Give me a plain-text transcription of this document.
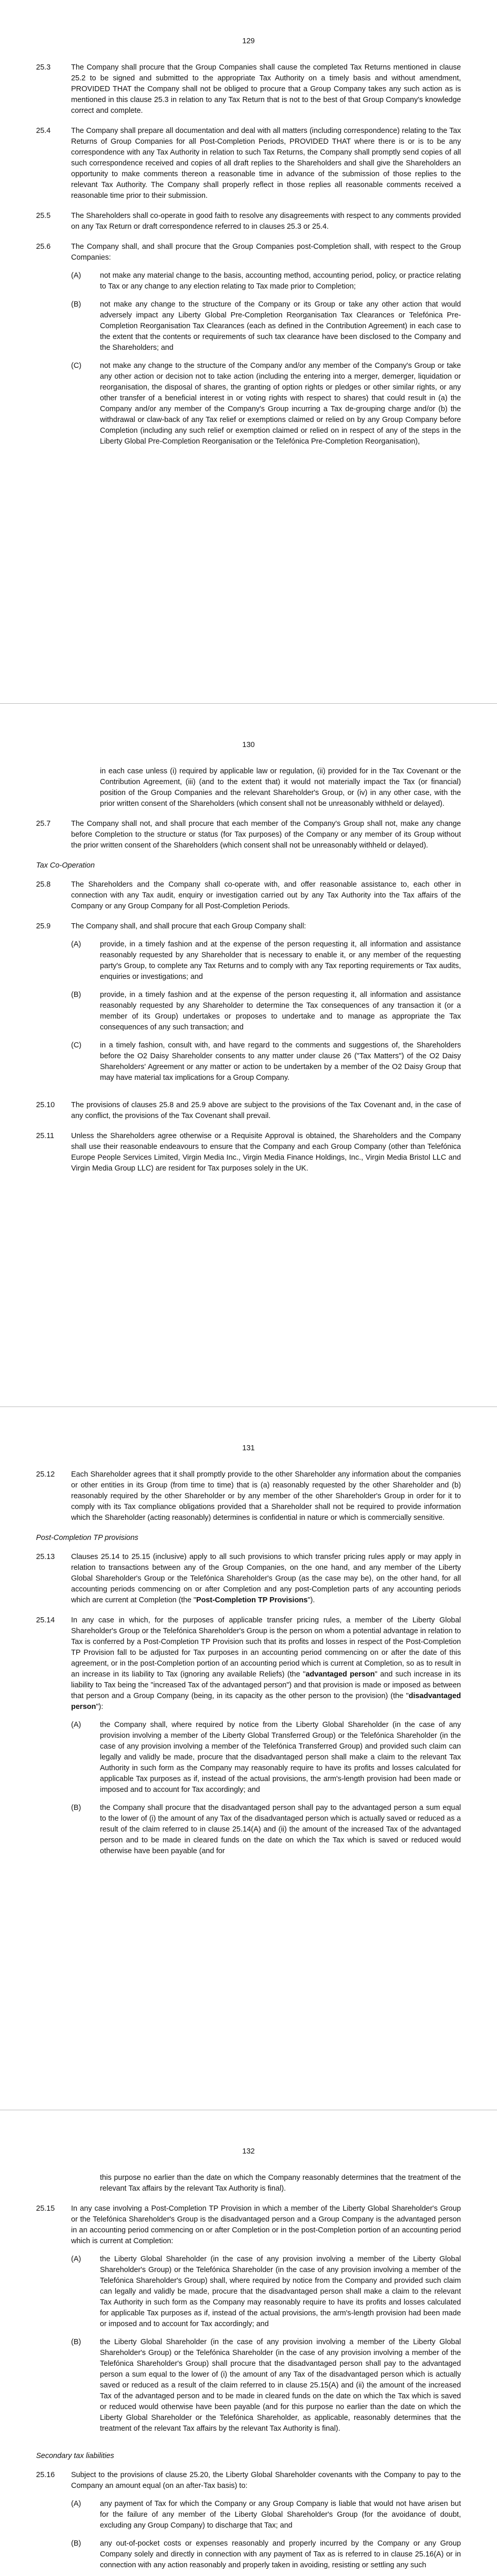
129
25.3	The Company shall procure that the Group Companies shall cause the completed Tax Returns mentioned in clause 25.2 to be signed and submitted to the appropriate Tax Authority on a timely basis and without amendment, PROVIDED THAT the Company shall not be obliged to procure that a Group Company takes any such action as is mentioned in this clause 25.3 in relation to any Tax Return that is not to the best of that Group Company's knowledge correct and complete.
25.4	The Company shall prepare all documentation and deal with all matters (including correspondence) relating to the Tax Returns of Group Companies for all Post-Completion Periods, PROVIDED THAT where there is or is to be any correspondence with any Tax Authority in relation to such Tax Returns, the Company shall promptly send copies of all such correspondence received and copies of all draft replies to the Shareholders and shall give the Shareholders an opportunity to make comments thereon a reasonable time in advance of the submission of those replies to the relevant Tax Authority. The Company shall properly reflect in those replies all reasonable comments received a reasonable time prior to their submission.
25.5	The Shareholders shall co-operate in good faith to resolve any disagreements with respect to any comments provided on any Tax Return or draft correspondence referred to in clauses 25.3 or 25.4.
25.6	The Company shall, and shall procure that the Group Companies post-Completion shall, with respect to the Group Companies:
(A)	not make any material change to the basis, accounting method, accounting period, policy, or practice relating to Tax or any change to any election relating to Tax made prior to Completion;
(B)	not make any change to the structure of the Company or its Group or take any other action that would adversely impact any Liberty Global Pre-Completion Reorganisation Tax Clearances or Telefónica Pre-Completion Reorganisation Tax Clearances (each as defined in the Contribution Agreement) in each case to the extent that the contents or requirements of such tax clearance have been disclosed to the Company and the Shareholders; and
(C)	not make any change to the structure of the Company and/or any member of the Company's Group or take any other action or decision not to take action (including the entering into a merger, demerger, liquidation or reorganisation, the disposal of shares, the granting of option rights or pledges or other similar rights, or any other transfer of a beneficial interest in or voting rights with respect to shares) that could result in (a) the Company and/or any member of the Company's Group incurring a Tax de-grouping charge and/or (b) the withdrawal or claw-back of any Tax relief or exemptions claimed or relied on by any Group Company before Completion (including any such relief or exemption claimed or relied on in respect of any of the steps in the Liberty Global Pre-Completion Reorganisation or the Telefónica Pre-Completion Reorganisation),
130
in each case unless (i) required by applicable law or regulation, (ii) provided for in the Tax Covenant or the Contribution Agreement, (iii) (and to the extent that) it would not materially impact the Tax (or financial) position of the Group Companies and the relevant Shareholder's Group, or (iv) in any other case, with the prior written consent of the Shareholders (which consent shall not be unreasonably withheld or delayed).
25.7	The Company shall not, and shall procure that each member of the Company's Group shall not, make any change before Completion to the structure or status (for Tax purposes) of the Company or any member of its Group without the prior written consent of the Shareholders (which consent shall not be unreasonably withheld or delayed).
Tax Co-Operation
25.8	The Shareholders and the Company shall co-operate with, and offer reasonable assistance to, each other in connection with any Tax audit, enquiry or investigation carried out by any Tax Authority into the Tax affairs of the Company or any Group Company for all Post-Completion Periods.
25.9	The Company shall, and shall procure that each Group Company shall:
(A)	provide, in a timely fashion and at the expense of the person requesting it, all information and assistance reasonably requested by any Shareholder that is necessary to enable it, or any member of the requesting party's Group, to complete any Tax Returns and to comply with any Tax reporting requirements or Tax audits, enquiries or investigations; and
(B)	provide, in a timely fashion and at the expense of the person requesting it, all information and assistance reasonably requested by any Shareholder to determine the Tax consequences of any transaction it (or a member of its Group) undertakes or proposes to undertake and to manage as appropriate the Tax consequences of any such transaction; and
(C)	in a timely fashion, consult with, and have regard to the comments and suggestions of, the Shareholders before the O2 Daisy Shareholder consents to any matter under clause 26 ("Tax Matters") of the O2 Daisy Shareholders' Agreement or any matter or action to be undertaken by a member of the O2 Daisy Group that may have material tax implications for a Group Company.
25.10	The provisions of clauses 25.8 and 25.9 above are subject to the provisions of the Tax Covenant and, in the case of any conflict, the provisions of the Tax Covenant shall prevail.
25.11	Unless the Shareholders agree otherwise or a Requisite Approval is obtained, the Shareholders and the Company shall use their reasonable endeavours to ensure that the Company and each Group Company (other than Telefónica Europe People Services Limited, Virgin Media Inc., Virgin Media Finance Holdings, Inc., Virgin Media Bristol LLC and Virgin Media Group LLC) are resident for Tax purposes solely in the UK.
131
25.12	Each Shareholder agrees that it shall promptly provide to the other Shareholder any information about the companies or other entities in its Group (from time to time) that is (a) reasonably requested by the other Shareholder and (b) reasonably required by the other Shareholder or by any member of the other Shareholder's Group in order for it to comply with its Tax compliance obligations provided that a Shareholder shall not be required to provide information which the Shareholder (acting reasonably) determines is confidential in nature or which is commercially sensitive.
Post-Completion TP provisions
25.13	Clauses 25.14 to 25.15 (inclusive) apply to all such provisions to which transfer pricing rules apply or may apply in relation to transactions between any of the Group Companies, on the one hand, and any member of the Liberty Global Shareholder's Group or the Telefónica Shareholder's Group (as the case may be), on the other hand, for all accounting periods commencing on or after Completion and any post-Completion parts of any accounting periods which are current at Completion (the "Post-Completion TP Provisions").
25.14	In any case in which, for the purposes of applicable transfer pricing rules, a member of the Liberty Global Shareholder's Group or the Telefónica Shareholder's Group is the person on whom a potential advantage in relation to Tax is conferred by a Post-Completion TP Provision such that its profits and losses in respect of the Post-Completion TP Provision fall to be adjusted for Tax purposes in an accounting period commencing on or after the date of this agreement, or in the post-Completion portion of an accounting period which is current at Completion, so as to result in an increase in its liability to Tax (ignoring any available Reliefs) (the "advantaged person" and such increase in its liability to Tax being the "increased Tax of the advantaged person") and that provision is made or imposed as between that person and a Group Company (being, in its capacity as the other person to the provision) (the "disadvantaged person"):
(A)	the Company shall, where required by notice from the Liberty Global Shareholder (in the case of any provision involving a member of the Liberty Global Transferred Group) or the Telefónica Shareholder (in the case of any provision involving a member of the Telefónica Transferred Group) and provided such claim can legally and validly be made, procure that the disadvantaged person shall make a claim to the relevant Tax Authority in such form as the Company may reasonably require to have its profits and losses calculated for applicable Tax purposes as if, instead of the actual provisions, the arm's-length provision had been made or imposed and to account for Tax accordingly; and
(B)	the Company shall procure that the disadvantaged person shall pay to the advantaged person a sum equal to the lower of (i) the amount of any Tax of the disadvantaged person which is actually saved or reduced as a result of the claim referred to in clause 25.14(A) and (ii) the amount of the increased Tax of the advantaged person and to be made in cleared funds on the date on which the Tax which is saved or reduced would otherwise have been payable (and for
132
this purpose no earlier than the date on which the Company reasonably determines that the treatment of the relevant Tax affairs by the relevant Tax Authority is final).
25.15	In any case involving a Post-Completion TP Provision in which a member of the Liberty Global Shareholder's Group or the Telefónica Shareholder's Group is the disadvantaged person and a Group Company is the advantaged person in an accounting period commencing on or after Completion or in the post-Completion portion of an accounting period which is current at Completion:
(A)	the Liberty Global Shareholder (in the case of any provision involving a member of the Liberty Global Shareholder's Group) or the Telefónica Shareholder (in the case of any provision involving a member of the Telefónica Shareholder's Group) shall, where required by notice from the Company and provided such claim can legally and validly be made, procure that the disadvantaged person shall make a claim to the relevant Tax Authority in such form as the Company may reasonably require to have its profits and losses calculated for applicable Tax purposes as if, instead of the actual provisions, the arm's-length provision had been made or imposed and to account for Tax accordingly; and
(B)	the Liberty Global Shareholder (in the case of any provision involving a member of the Liberty Global Shareholder's Group) or the Telefónica Shareholder (in the case of any provision involving a member of the Telefónica Shareholder's Group) shall procure that the disadvantaged person shall pay to the advantaged person a sum equal to the lower of (i) the amount of any Tax of the disadvantaged person which is actually saved or reduced as a result of the claim referred to in clause 25.15(A) and (ii) the amount of the increased Tax of the advantaged person and to be made in cleared funds on the date on which the Tax which is saved or reduced would otherwise have been payable (and for this purpose no earlier than the date on which the Liberty Global Shareholder or the Telefónica Shareholder, as applicable, reasonably determines that the treatment of the relevant Tax affairs by the relevant Tax Authority is final).
Secondary tax liabilities
25.16	Subject to the provisions of clause 25.20, the Liberty Global Shareholder covenants with the Company to pay to the Company an amount equal (on an after-Tax basis) to:
(A)	any payment of Tax for which the Company or any Group Company is liable that would not have arisen but for the failure of any member of the Liberty Global Shareholder's Group (for the avoidance of doubt, excluding any Group Company) to discharge that Tax; and
(B)	any out-of-pocket costs or expenses reasonably and properly incurred by the Company or any Group Company solely and directly in connection with any payment of Tax as is referred to in clause 25.16(A) or in connection with any action reasonably and properly taken in avoiding, resisting or settling any such
